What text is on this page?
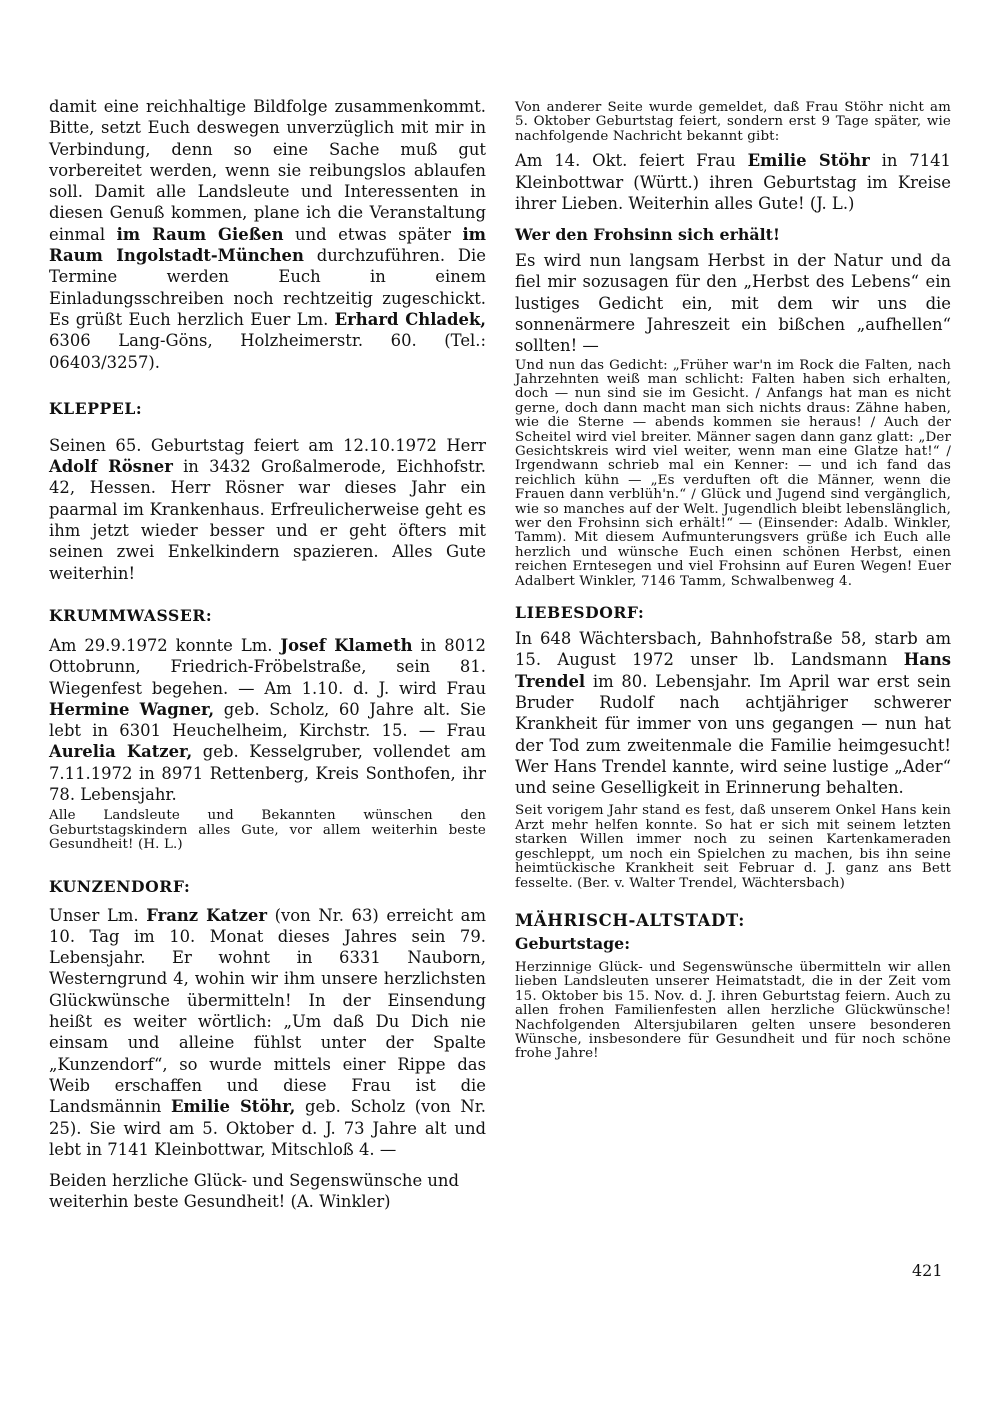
damit eine reichhaltige Bildfolge zusammenkommt. Bitte, setzt Euch deswegen unverzüglich mit mir in Verbindung, denn so eine Sache muß gut vorbereitet werden, wenn sie reibungslos ablaufen soll. Damit alle Landsleute und Interessenten in diesen Genuß kommen, plane ich die Veranstaltung einmal im Raum Gießen und etwas später im Raum Ingolstadt-München durchzuführen. Die Termine werden Euch in einem Einladungsschreiben noch rechtzeitig zugeschickt. Es grüßt Euch herzlich Euer Lm. Erhard Chladek, 6306 Lang-Göns, Holzheimerstr. 60. (Tel.: 06403/3257).

KLEPPEL:

Seinen 65. Geburtstag feiert am 12.10.1972 Herr Adolf Rösner in 3432 Großalmerode, Eichhofstr. 42, Hessen. Herr Rösner war dieses Jahr ein paarmal im Krankenhaus. Erfreulicherweise geht es ihm jetzt wieder besser und er geht öfters mit seinen zwei Enkelkindern spazieren. Alles Gute weiterhin!

KRUMMWASSER:

Am 29.9.1972 konnte Lm. Josef Klameth in 8012 Ottobrunn, Friedrich-Fröbelstraße, sein 81. Wiegenfest begehen. — Am 1.10. d. J. wird Frau Hermine Wagner, geb. Scholz, 60 Jahre alt. Sie lebt in 6301 Heuchelheim, Kirchstr. 15. — Frau Aurelia Katzer, geb. Kesselgruber, vollendet am 7.11.1972 in 8971 Rettenberg, Kreis Sonthofen, ihr 78. Lebensjahr.

Alle Landsleute und Bekannten wünschen den Geburtstagskindern alles Gute, vor allem weiterhin beste Gesundheit! (H. L.)

KUNZENDORF:

Unser Lm. Franz Katzer (von Nr. 63) erreicht am 10. Tag im 10. Monat dieses Jahres sein 79. Lebensjahr. Er wohnt in 6331 Nauborn, Westerngrund 4, wohin wir ihm unsere herzlichsten Glückwünsche übermitteln! In der Einsendung heißt es weiter wörtlich: „Um daß Du Dich nie einsam und alleine fühlst unter der Spalte „Kunzendorf“, so wurde mittels einer Rippe das Weib erschaffen und diese Frau ist die Landsmännin Emilie Stöhr, geb. Scholz (von Nr. 25). Sie wird am 5. Oktober d. J. 73 Jahre alt und lebt in 7141 Kleinbottwar, Mitschloß 4. —

Beiden herzliche Glück- und Segenswünsche und weiterhin beste Gesundheit! (A. Winkler)

Von anderer Seite wurde gemeldet, daß Frau Stöhr nicht am 5. Oktober Geburtstag feiert, sondern erst 9 Tage später, wie nachfolgende Nachricht bekannt gibt:

Am 14. Okt. feiert Frau Emilie Stöhr in 7141 Kleinbottwar (Württ.) ihren Geburtstag im Kreise ihrer Lieben. Weiterhin alles Gute! (J. L.)

Wer den Frohsinn sich erhält!

Es wird nun langsam Herbst in der Natur und da fiel mir sozusagen für den „Herbst des Lebens“ ein lustiges Gedicht ein, mit dem wir uns die sonnenärmere Jahreszeit ein bißchen „aufhellen“ sollten! —

Und nun das Gedicht: „Früher war'n im Rock die Falten, nach Jahrzehnten weiß man schlicht: Falten haben sich erhalten, doch — nun sind sie im Gesicht. / Anfangs hat man es nicht gerne, doch dann macht man sich nichts draus: Zähne haben, wie die Sterne — abends kommen sie heraus! / Auch der Scheitel wird viel breiter. Männer sagen dann ganz glatt: „Der Gesichtskreis wird viel weiter, wenn man eine Glatze hat!“ / Irgendwann schrieb mal ein Kenner: — und ich fand das reichlich kühn — „Es verduften oft die Männer, wenn die Frauen dann verblüh'n.“ / Glück und Jugend sind vergänglich, wie so manches auf der Welt. Jugendlich bleibt lebenslänglich, wer den Frohsinn sich erhält!“ — (Einsender: Adalb. Winkler, Tamm). Mit diesem Aufmunterungsvers grüße ich Euch alle herzlich und wünsche Euch einen schönen Herbst, einen reichen Erntesegen und viel Frohsinn auf Euren Wegen! Euer Adalbert Winkler, 7146 Tamm, Schwalbenweg 4.

LIEBESDORF:

In 648 Wächtersbach, Bahnhofstraße 58, starb am 15. August 1972 unser lb. Landsmann Hans Trendel im 80. Lebensjahr. Im April war erst sein Bruder Rudolf nach achtjähriger schwerer Krankheit für immer von uns gegangen — nun hat der Tod zum zweitenmale die Familie heimgesucht! Wer Hans Trendel kannte, wird seine lustige „Ader“ und seine Geselligkeit in Erinnerung behalten.

Seit vorigem Jahr stand es fest, daß unserem Onkel Hans kein Arzt mehr helfen konnte. So hat er sich mit seinem letzten starken Willen immer noch zu seinen Kartenkameraden geschleppt, um noch ein Spielchen zu machen, bis ihn seine heimtückische Krankheit seit Februar d. J. ganz ans Bett fesselte. (Ber. v. Walter Trendel, Wächtersbach)

MÄHRISCH-ALTSTADT:
Geburtstage:

Herzinnige Glück- und Segenswünsche übermitteln wir allen lieben Landsleuten unserer Heimatstadt, die in der Zeit vom 15. Oktober bis 15. Nov. d. J. ihren Geburtstag feiern. Auch zu allen frohen Familienfesten allen herzliche Glückwünsche! Nachfolgenden Altersjubilaren gelten unsere besonderen Wünsche, insbesondere für Gesundheit und für noch schöne frohe Jahre!

421
